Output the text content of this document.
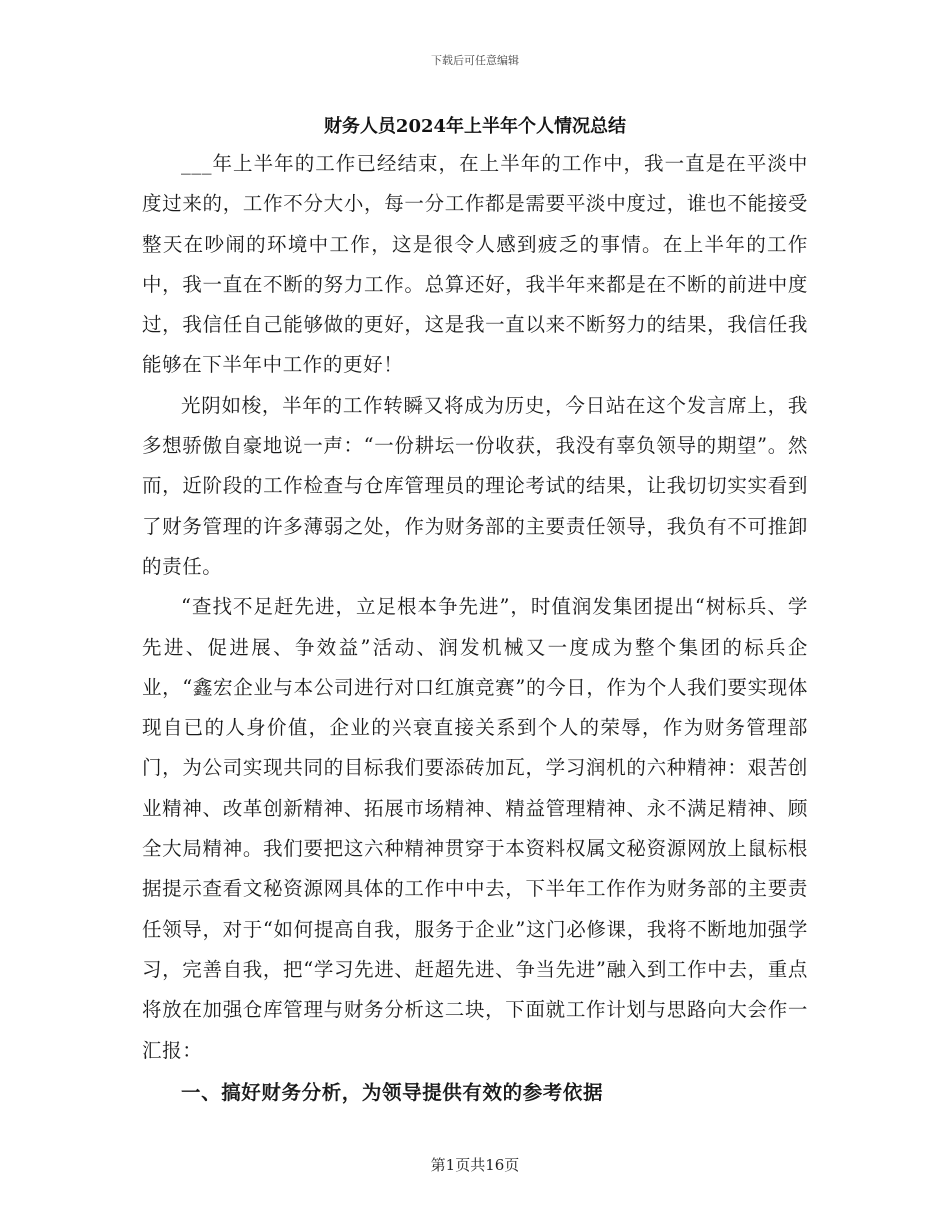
下载后可任意编辑
财务人员2024年上半年个人情况总结

___年上半年的工作已经结束，在上半年的工作中，我一直是在平淡中度过来的，工作不分大小，每一分工作都是需要平淡中度过，谁也不能接受整天在吵闹的环境中工作，这是很令人感到疲乏的事情。在上半年的工作中，我一直在不断的努力工作。总算还好，我半年来都是在不断的前进中度过，我信任自己能够做的更好，这是我一直以来不断努力的结果，我信任我能够在下半年中工作的更好！

光阴如梭，半年的工作转瞬又将成为历史，今日站在这个发言席上，我多想骄傲自豪地说一声：“一份耕坛一份收获，我没有辜负领导的期望”。然而，近阶段的工作检查与仓库管理员的理论考试的结果，让我切切实实看到了财务管理的许多薄弱之处，作为财务部的主要责任领导，我负有不可推卸的责任。

“查找不足赶先进，立足根本争先进”，时值润发集团提出“树标兵、学先进、促进展、争效益”活动、润发机械又一度成为整个集团的标兵企业，“鑫宏企业与本公司进行对口红旗竞赛”的今日，作为个人我们要实现体现自已的人身价值，企业的兴衰直接关系到个人的荣辱，作为财务管理部门，为公司实现共同的目标我们要添砖加瓦，学习润机的六种精神：艰苦创业精神、改革创新精神、拓展市场精神、精益管理精神、永不满足精神、顾全大局精神。我们要把这六种精神贯穿于本资料权属文秘资源网放上鼠标根据提示查看文秘资源网具体的工作中中去，下半年工作作为财务部的主要责任领导，对于“如何提高自我，服务于企业”这门必修课，我将不断地加强学习，完善自我，把“学习先进、赶超先进、争当先进”融入到工作中去，重点将放在加强仓库管理与财务分析这二块，下面就工作计划与思路向大会作一汇报：

一、搞好财务分析，为领导提供有效的参考依据
第1页共16页
